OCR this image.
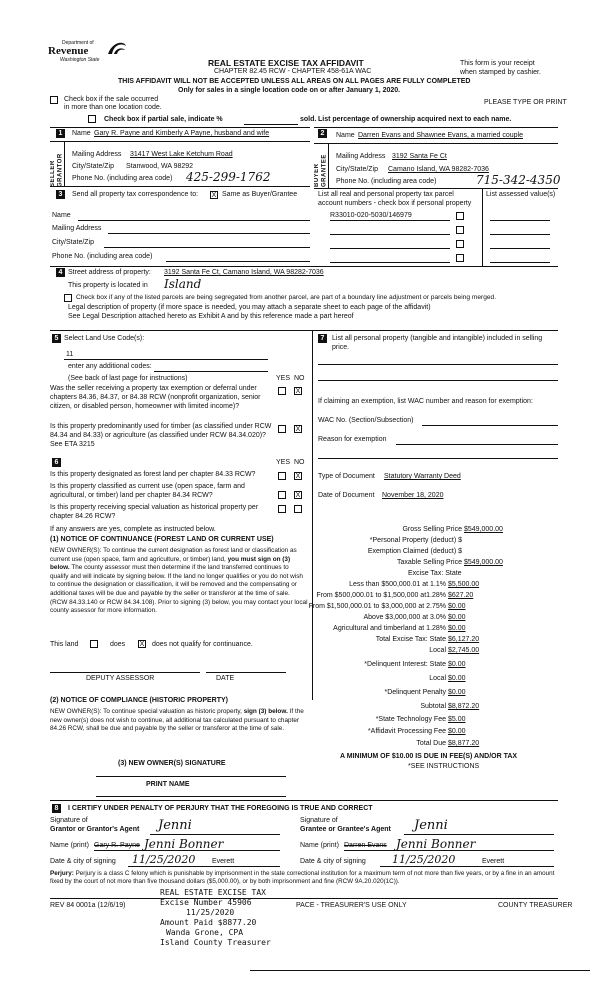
Department of
Revenue
Washington State	REAL ESTATE EXCISE TAX AFFIDAVIT
CHAPTER 82.45 RCW - CHAPTER 458-61A WAC
This form is your receipt
when stamped by cashier.
THIS AFFIDAVIT WILL NOT BE ACCEPTED UNLESS ALL AREAS ON ALL PAGES ARE FULLY COMPLETED
Only for sales in a single location code on or after January 1, 2020.
Check box if the sale occurred
in more than one location code.
PLEASE TYPE OR PRINT
Check box if partial sale, indicate %	sold. List percentage of ownership acquired next to each name.
1
SELLER GRANTOR
Name Gary R. Payne and Kimberly A Payne, husband and wife
Mailing Address 31417 West Lake Ketchum Road
City/State/Zip Stanwood, WA 98292
Phone No. (including area code) 425-299-1762
2
BUYER GRANTEE
Name Darren Evans and Shawnee Evans, a married couple
Mailing Address 3192 Santa Fe Ct
City/State/Zip Camano Island, WA 98282-7036
Phone No. (including area code)	715-342-4350
3	Send all property tax correspondence to: X Same as Buyer/Grantee
Name
Mailing Address
City/State/Zip
Phone No. (including area code)
List all real and personal property tax parcel
account numbers - check box if personal property
List assessed value(s)
R33010-020-5030/146979
4 Street address of property: 3192 Santa Fe Ct, Camano Island, WA 98282-7036
This property is located in Island
Check box if any of the listed parcels are being segregated from another parcel, are part of a boundary line adjustment or parcels being merged.
Legal description of property (if more space is needed, you may attach a separate sheet to each page of the affidavit)
See Legal Description attached hereto as Exhibit A and by this reference made a part hereof
5 Select Land Use Code(s):
11
enter any additional codes:
(See back of last page for instructions)	YES NO
Was the seller receiving a property tax exemption or deferral under chapters 84.36, 84.37, or 84.38 RCW (nonprofit organization, senior citizen, or disabled person, homeowner with limited income)?
X
Is this property predominantly used for timber (as classified under RCW 84.34 and 84.33) or agriculture (as classified under RCW 84.34.020)? See ETA 3215
X
6	YES NO
Is this property designated as forest land per chapter 84.33 RCW?	X
Is this property classified as current use (open space, farm and agricultural, or timber) land per chapter 84.34 RCW?	X
Is this property receiving special valuation as historical property per chapter 84.26 RCW?
If any answers are yes, complete as instructed below.
(1) NOTICE OF CONTINUANCE (FOREST LAND OR CURRENT USE)
NEW OWNER(S): To continue the current designation as forest land or classification as current use (open space, farm and agriculture, or timber) land, you must sign on (3) below. The county assessor must then determine if the land transferred continues to qualify and will indicate by signing below. If the land no longer qualifies or you do not wish to continue the designation or classification, it will be removed and the compensating or additional taxes will be due and payable by the seller or transferor at the time of sale. (RCW 84.33.140 or RCW 84.34.108). Prior to signing (3) below, you may contact your local county assessor for more information.
This land	does X does not qualify for continuance.
DEPUTY ASSESSOR	DATE
(2) NOTICE OF COMPLIANCE (HISTORIC PROPERTY)
NEW OWNER(S): To continue special valuation as historic property, sign (3) below. If the new owner(s) does not wish to continue, all additional tax calculated pursuant to chapter 84.26 RCW, shall be due and payable by the seller or transferor at the time of sale.
(3) NEW OWNER(S) SIGNATURE
PRINT NAME
7	List all personal property (tangible and intangible) included in selling price.
If claiming an exemption, list WAC number and reason for exemption:
WAC No. (Section/Subsection)
Reason for exemption
Type of Document Statutory Warranty Deed
Date of Document November 18, 2020
Gross Selling Price $549,000.00
*Personal Property (deduct) $
Exemption Claimed (deduct) $
Taxable Selling Price $549,000.00
Excise Tax: State
Less than $500,000.01 at 1.1% $5,500.00
From $500,000.01 to $1,500,000 at1.28% $627.20
From $1,500,000.01 to $3,000,000 at 2.75% $0.00
Above $3,000,000 at 3.0% $0.00
Agricultural and timberland at 1.28% $0.00
Total Excise Tax: State $6,127.20
Local $2,745.00
*Delinquent Interest: State $0.00
Local $0.00
*Delinquent Penalty $0.00
Subtotal $8,872.20
*State Technology Fee $5.00
*Affidavit Processing Fee $0.00
Total Due $8,877.20
A MINIMUM OF $10.00 IS DUE IN FEE(S) AND/OR TAX
*SEE INSTRUCTIONS
8	I CERTIFY UNDER PENALTY OF PERJURY THAT THE FOREGOING IS TRUE AND CORRECT
Signature of
Grantor or Grantor's Agent Jenni	Signature of
Grantee or Grantee's Agent Jenni
Name (print) Gary R. Payne Jenni Bonner	Name (print) Darren Evans Jenni Bonner
Date & city of signing 11/25/2020 Everett	Date & city of signing 11/25/2020	Everett
Perjury: Perjury is a class C felony which is punishable by imprisonment in the state correctional institution for a maximum term of not more than five years, or by a fine in an amount fixed by the court of not more than five thousand dollars ($5,000.00), or by both imprisonment and fine (RCW 9A.20.020(1C)).
REV 84 0001a (12/6/19)	PACE - TREASURER'S USE ONLY	COUNTY TREASURER
REAL ESTATE EXCISE TAX
Excise Number 45906
11/25/2020
Amount Paid $8877.20
Wanda Grone, CPA
Island County Treasurer
